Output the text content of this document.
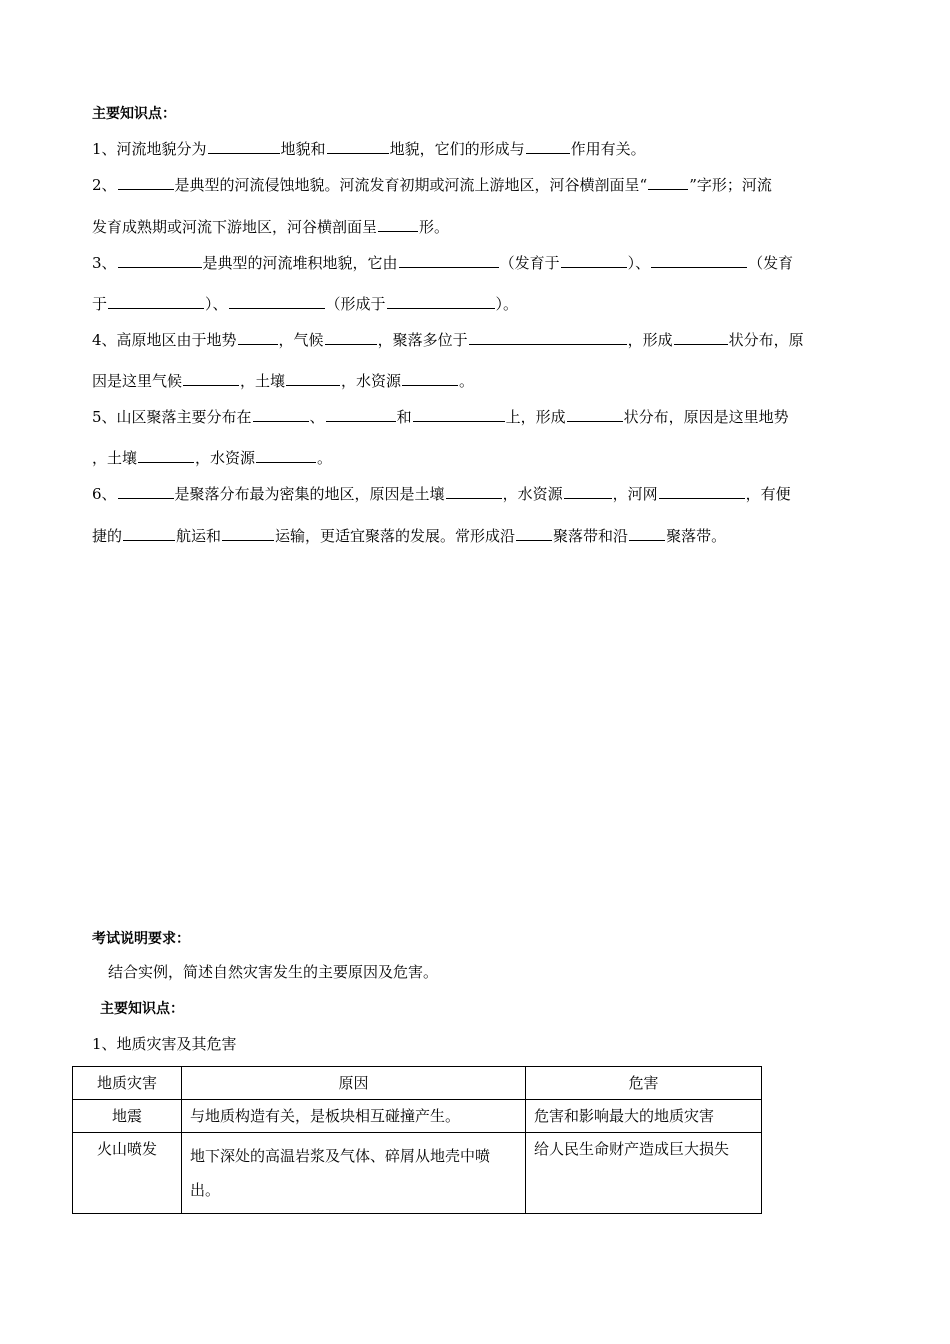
主要知识点：
1、河流地貌分为	地貌和	地貌，它们的形成与	作用有关。
2、	是典型的河流侵蚀地貌。河流发育初期或河流上游地区，河谷横剖面呈“	”字形；河流
发育成熟期或河流下游地区，河谷横剖面呈	形。
3、	是典型的河流堆积地貌，它由	（发育于	）、	（发育
于	）、	（形成于	）。
4、高原地区由于地势	，气候	，聚落多位于	，形成	状分布，原
因是这里气候	，土壤	，水资源	。
5、山区聚落主要分布在	、	和	上，形成	状分布，原因是这里地势
，土壤	，水资源	。
6、	是聚落分布最为密集的地区，原因是土壤	，水资源	，河网	，有便
捷的	航运和	运输，更适宜聚落的发展。常形成沿	聚落带和沿	聚落带。
考试说明要求：
结合实例，简述自然灾害发生的主要原因及危害。
主要知识点：
1、地质灾害及其危害
地质灾害	原因	危害
地震	与地质构造有关，是板块相互碰撞产生。	危害和影响最大的地质灾害
火山喷发	地下深处的高温岩浆及气体、碎屑从地壳中喷出。	给人民生命财产造成巨大损失
